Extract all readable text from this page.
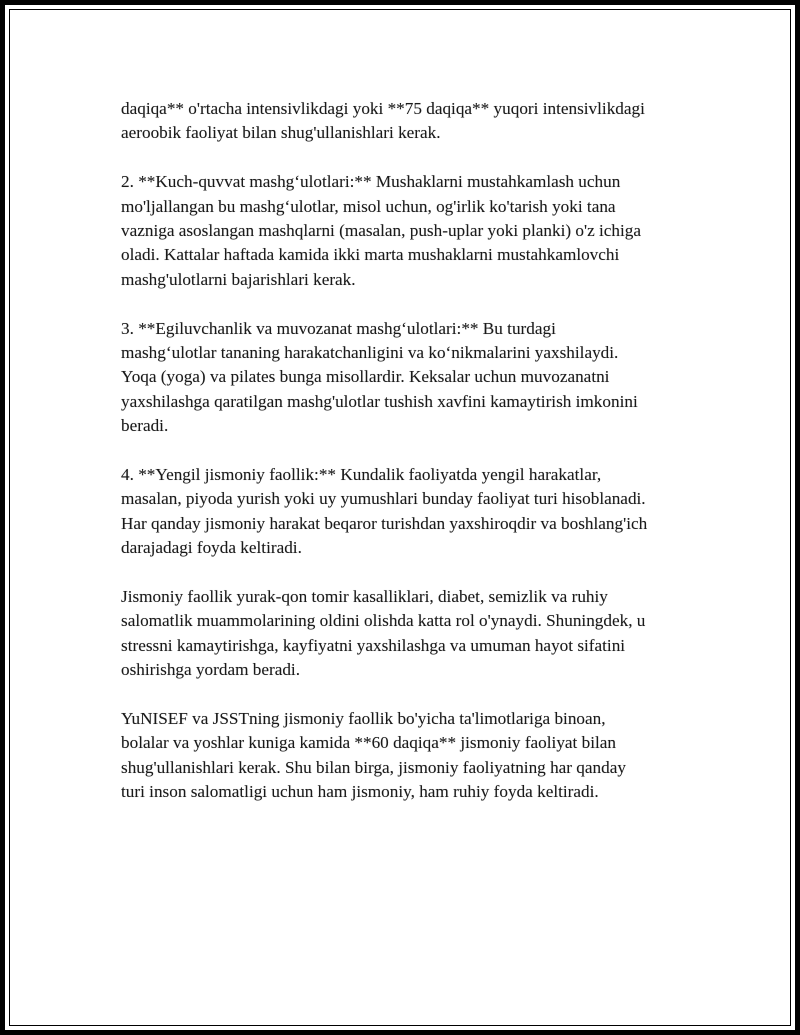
daqiqa** o'rtacha intensivlikdagi yoki **75 daqiqa** yuqori intensivlikdagi
aeroobik faoliyat bilan shug'ullanishlari kerak.

2. **Kuch-quvvat mashg‘ulotlari:** Mushaklarni mustahkamlash uchun
mo'ljallangan bu mashg‘ulotlar, misol uchun, og'irlik ko'tarish yoki tana
vazniga asoslangan mashqlarni (masalan, push-uplar yoki planki) o'z ichiga
oladi. Kattalar haftada kamida ikki marta mushaklarni mustahkamlovchi
mashg'ulotlarni bajarishlari kerak.

3. **Egiluvchanlik va muvozanat mashg‘ulotlari:** Bu turdagi
mashg‘ulotlar tananing harakatchanligini va ko‘nikmalarini yaxshilaydi.
Yoqa (yoga) va pilates bunga misollardir. Keksalar uchun muvozanatni
yaxshilashga qaratilgan mashg'ulotlar tushish xavfini kamaytirish imkonini
beradi.

4. **Yengil jismoniy faollik:** Kundalik faoliyatda yengil harakatlar,
masalan, piyoda yurish yoki uy yumushlari bunday faoliyat turi hisoblanadi.
Har qanday jismoniy harakat beqaror turishdan yaxshiroqdir va boshlang'ich
darajadagi foyda keltiradi.

Jismoniy faollik yurak-qon tomir kasalliklari, diabet, semizlik va ruhiy
salomatlik muammolarining oldini olishda katta rol o'ynaydi. Shuningdek, u
stressni kamaytirishga, kayfiyatni yaxshilashga va umuman hayot sifatini
oshirishga yordam beradi.

YuNISEF va JSSTning jismoniy faollik bo'yicha ta'limotlariga binoan,
bolalar va yoshlar kuniga kamida **60 daqiqa** jismoniy faoliyat bilan
shug'ullanishlari kerak. Shu bilan birga, jismoniy faoliyatning har qanday
turi inson salomatligi uchun ham jismoniy, ham ruhiy foyda keltiradi.
